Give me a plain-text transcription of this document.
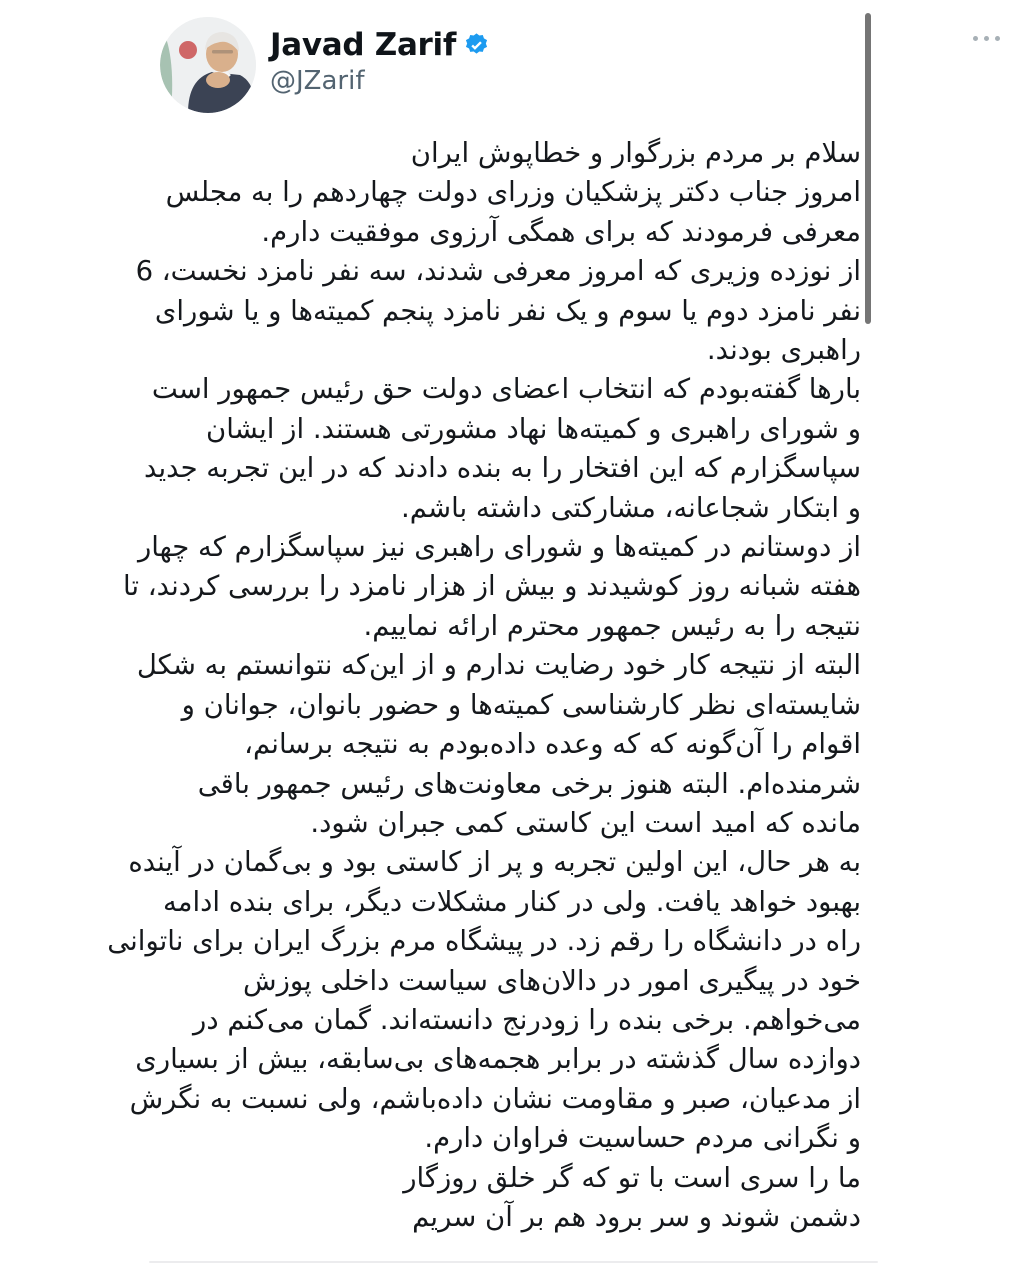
Javad Zarif
@JZarif
سلام بر مردم بزرگوار و خطاپوش ایران
امروز جناب دکتر پزشکیان وزرای دولت چهاردهم را به مجلس
معرفی فرمودند که برای همگی آرزوی موفقیت دارم.
از نوزده وزیری که امروز معرفی شدند، سه نفر نامزد نخست، 6
نفر نامزد دوم یا سوم و یک نفر نامزد پنجم کمیته‌ها و یا شورای
راهبری بودند.
بارها گفته‌بودم که انتخاب اعضای دولت حق رئیس جمهور است
و شورای راهبری و کمیته‌ها نهاد مشورتی هستند. از ایشان
سپاسگزارم که این افتخار را به بنده دادند که در این تجربه جدید
و ابتکار شجاعانه، مشارکتی داشته باشم.
از دوستانم در کمیته‌ها و شورای راهبری نیز سپاسگزارم که چهار
هفته شبانه روز کوشیدند و بیش از هزار نامزد را بررسی کردند، تا
نتیجه را به رئیس جمهور محترم ارائه نماییم.
البته از نتیجه کار خود رضایت ندارم و از این‌که نتوانستم به شکل
شایسته‌ای نظر کارشناسی کمیته‌ها و حضور بانوان، جوانان و
اقوام را آن‌گونه که که وعده داده‌بودم به نتیجه برسانم،
شرمنده‌ام. البته هنوز برخی معاونت‌های رئیس جمهور باقی
مانده که امید است این کاستی کمی جبران شود.
به هر حال، این اولین تجربه و پر از کاستی بود و بی‌گمان در آینده
بهبود خواهد یافت. ولی در کنار مشکلات دیگر، برای بنده ادامه
راه در دانشگاه را رقم زد. در پیشگاه مرم بزرگ ایران برای ناتوانی
خود در پیگیری امور در دالان‌های سیاست داخلی پوزش
می‌خواهم. برخی بنده را زودرنج دانسته‌اند. گمان می‌کنم در
دوازده سال گذشته در برابر هجمه‌های بی‌سابقه، بیش از بسیاری
از مدعیان، صبر و مقاومت نشان داده‌باشم، ولی نسبت به نگرش
و نگرانی مردم حساسیت فراوان دارم.
ما را سری است با تو که گر خلق روزگار
دشمن شوند و سر برود هم بر آن سریم
